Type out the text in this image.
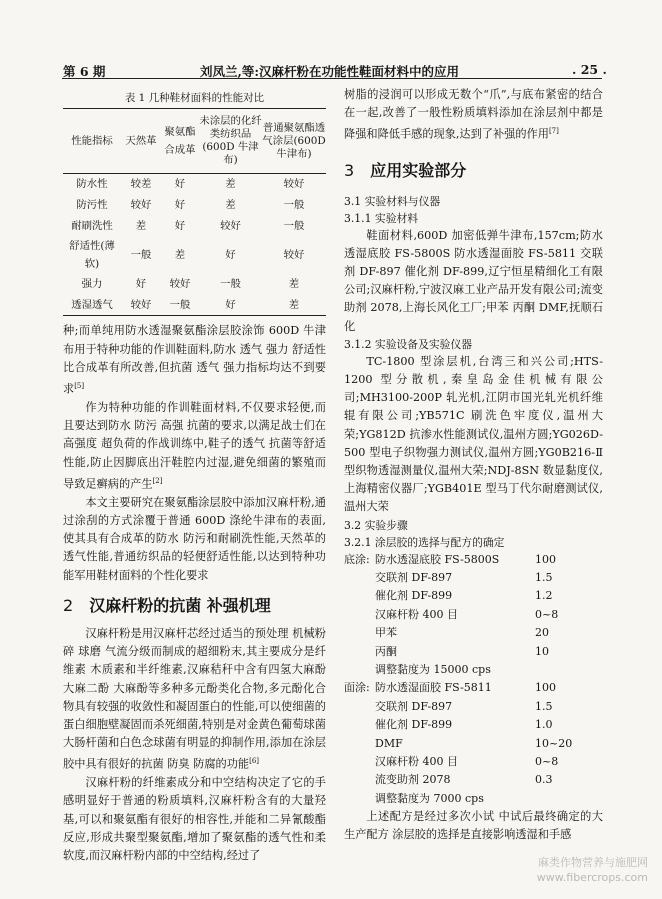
第 6 期	刘凤兰,等:汉麻杆粉在功能性鞋面材料中的应用	. 25 .
表 1 几种鞋材面料的性能对比
性能指标	天然革	聚氨酯合成革	未涂层的化纤类纺织品(600D 牛津布)	普通聚氨酯透气涂层(600D 牛津布)
防水性	较差	好	差	较好
防污性	较好	好	差	一般
耐刷洗性	差	好	较好	一般
舒适性(薄 软)	一般	差	好	较好
强力	好	较好	一般	差
透湿透气	较好	一般	好	差

种;而单纯用防水透湿聚氨酯涂层胶涂饰 600D 牛津布用于特种功能的作训鞋面料,防水 透气 强力 舒适性比合成革有所改善,但抗菌 透气 强力指标均达不到要求[5]

作为特种功能的作训鞋面材料,不仅要求轻便,而且要达到防水 防污 高强 抗菌的要求,以满足战士们在高强度 超负荷的作战训练中,鞋子的透气 抗菌等舒适性能,防止因脚底出汗鞋腔内过湿,避免细菌的繁殖而导致足癣病的产生[2]

本文主要研究在聚氨酯涂层胶中添加汉麻杆粉,通过涂刮的方式涂覆于普通 600D 涤纶牛津布的表面,使其具有合成革的防水 防污和耐刷洗性能,天然革的透气性能,普通纺织品的轻便舒适性能,以达到特种功能军用鞋材面料的个性化要求

2 汉麻杆粉的抗菌 补强机理

汉麻杆粉是用汉麻杆芯经过适当的预处理 机械粉碎 球磨 气流分级而制成的超细粉末,其主要成分是纤维素 木质素和半纤维素,汉麻秸秆中含有四氢大麻酚 大麻二酚 大麻酚等多种多元酚类化合物,多元酚化合物具有较强的收敛性和凝固蛋白的性能,可以使细菌的蛋白细胞壁凝固而杀死细菌,特别是对金黄色葡萄球菌 大肠杆菌和白色念球菌有明显的抑制作用,添加在涂层胶中具有很好的抗菌 防臭 防腐的功能[6]

汉麻杆粉的纤维素成分和中空结构决定了它的手感明显好于普通的粉质填料,汉麻杆粉含有的大量羟基,可以和聚氨酯有很好的相容性,并能和二异氰酸酯反应,形成共聚型聚氨酯,增加了聚氨酯的透气性和柔软度,而汉麻杆粉内部的中空结构,经过了

树脂的浸润可以形成无数个“爪”,与底布紧密的结合在一起,改善了一般性粉质填料添加在涂层剂中都是降强和降低手感的现象,达到了补强的作用[7]

3 应用实验部分
3.1 实验材料与仪器
3.1.1 实验材料

鞋面材料,600D 加密低弹牛津布,157cm;防水透湿底胶 FS-5800S 防水透湿面胶 FS-5811 交联剂 DF-897 催化剂 DF-899,辽宁恒星精细化工有限公司;汉麻杆粉,宁波汉麻工业产品开发有限公司;流变助剂 2078,上海长风化工厂;甲苯 丙酮 DMF,抚顺石化

3.1.2 实验设备及实验仪器

TC-1800 型涂层机,台湾三和兴公司;HTS-1200 型分散机,秦皇岛金佳机械有限公司;MH3100-200P 轧光机,江阴市国光轧光机纤维辊有限公司;YB571C 刷洗色牢度仪,温州大荣;YG812D 抗渗水性能测试仪,温州方圆;YG026D-500 型电子织物强力测试仪,温州方圆;YG0B216-Ⅱ型织物透湿测量仪,温州大荣;NDJ-8SN 数显黏度仪,上海精密仪器厂;YGB401E 型马丁代尔耐磨测试仪,温州大荣

3.2 实验步骤
3.2.1 涂层胶的选择与配方的确定
底涂: 防水透湿底胶 FS-5800S	100
交联剂 DF-897	1.5
催化剂 DF-899	1.2
汉麻杆粉 400 目	0~8
甲苯	20
丙酮	10
调整黏度为 15000 cps
面涂: 防水透湿面胶 FS-5811	100
交联剂 DF-897	1.5
催化剂 DF-899	1.0
DMF	10~20
汉麻杆粉 400 目	0~8
流变助剂 2078	0.3
调整黏度为 7000 cps

上述配方是经过多次小试 中试后最终确定的大生产配方 涂层胶的选择是直接影响透湿和手感

麻类作物营养与施肥网
www.fibercrops.com
